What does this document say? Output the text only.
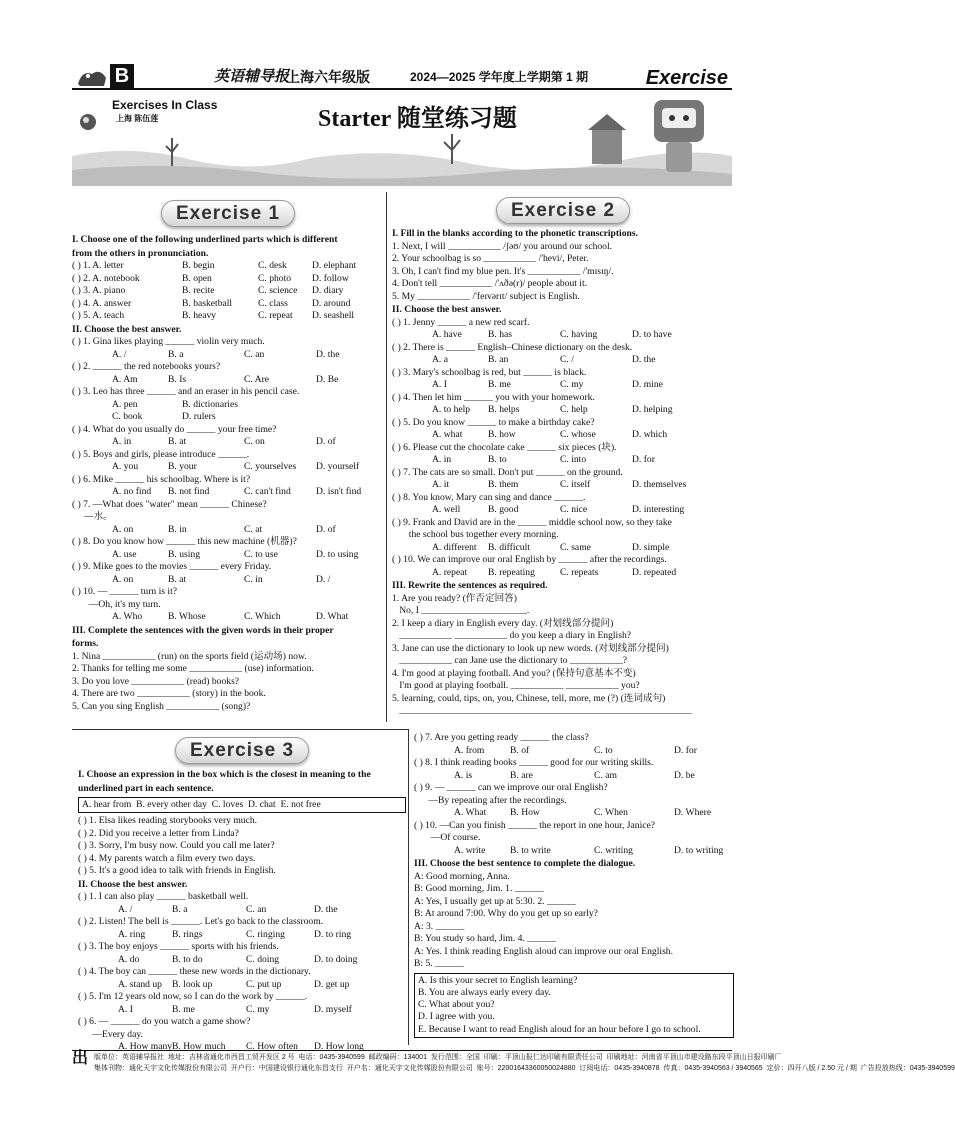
B	英语辅导报
上海六年级版	2024—2025 学年度上学期第 1 期	Exercise
Exercises In Class
上海 陈伍莲	Starter 随堂练习题
Exercise 1
I. Choose one of the following underlined parts which is different
from the others in pronunciation.
( ) 1. A. letter	B. begin	C. desk	D. elephant
( ) 2. A. notebook	B. open	C. photo D. follow
( ) 3. A. piano	B. recite	C. science D. diary
( ) 4. A. answer	B. basketball	C. class	D. around
( ) 5. A. teach	B. heavy	C. repeat D. seashell
II. Choose the best answer.
( ) 1. Gina likes playing ______ violin very much.
A. /	B. a	C. an	D. the
( ) 2. ______ the red notebooks yours?
A. Am	B. Is	C. Are	D. Be
( ) 3. Leo has three ______ and an eraser in his pencil case.
A. pen	B. dictionaries
C. book	D. rulers
( ) 4. What do you usually do ______ your free time?
A. in	B. at	C. on	D. of
( ) 5. Boys and girls, please introduce ______.
A. you	B. your	C. yourselves D. yourself
( ) 6. Mike ______ his schoolbag. Where is it?
A. no find B. not find	C. can't find	D. isn't find
( ) 7. —What does "water" mean ______ Chinese?
—水。
A. on	B. in	C. at	D. of
( ) 8. Do you know how ______ this new machine (机器)?
A. use	B. using	C. to use	D. to using
( ) 9. Mike goes to the movies ______ every Friday.
A. on	B. at	C. in	D. /
( ) 10. — ______ turn is it?
—Oh, it's my turn.
A. Who	B. Whose	C. Which	D. What
III. Complete the sentences with the given words in their proper
forms.
1. Nina ___________ (run) on the sports field (运动场) now.
2. Thanks for telling me some ___________ (use) information.
3. Do you love ___________ (read) books?
4. There are two ___________ (story) in the book.
5. Can you sing English ___________ (song)?
Exercise 2
I. Fill in the blanks according to the phonetic transcriptions.
1. Next, I will ___________ /ʃəʊ/ you around our school.
2. Your schoolbag is so ___________ /'hevi/, Peter.
3. Oh, I can't find my blue pen. It's ___________ /'mɪsɪŋ/.
4. Don't tell ___________ /'ʌðə(r)/ people about it.
5. My ___________ /'feɪvərɪt/ subject is English.
II. Choose the best answer.
( ) 1. Jenny ______ a new red scarf.
A. have	B. has	C. having	D. to have
( ) 2. There is ______ English–Chinese dictionary on the desk.
A. a	B. an	C. /	D. the
( ) 3. Mary's schoolbag is red, but ______ is black.
A. I	B. me	C. my	D. mine
( ) 4. Then let him ______ you with your homework.
A. to help B. helps	C. help	D. helping
( ) 5. Do you know ______ to make a birthday cake?
A. what	B. how	C. whose	D. which
( ) 6. Please cut the chocolate cake ______ six pieces (块).
A. in	B. to	C. into	D. for
( ) 7. The cats are so small. Don't put ______ on the ground.
A. it	B. them	C. itself	D. themselves
( ) 8. You know, Mary can sing and dance ______.
A. well	B. good	C. nice	D. interesting
( ) 9. Frank and David are in the ______ middle school now, so they take
the school bus together every morning.
A. different B. difficult	C. same	D. simple
( ) 10. We can improve our oral English by ______ after the recordings.
A. repeat B. repeating	C. repeats	D. repeated
III. Rewrite the sentences as required.
1. Are you ready? (作否定回答)
No, I ______________________.
2. I keep a diary in English every day. (对划线部分提问)
___________ ___________ do you keep a diary in English?
3. Jane can use the dictionary to look up new words. (对划线部分提问)
___________ can Jane use the dictionary to ___________?
4. I'm good at playing football. And you? (保持句意基本不变)
I'm good at playing football. ___________ ___________ you?
5. learning, could, tips, on, you, Chinese, tell, more, me (?) (连词成句)
_____________________________________________________________
Exercise 3
I. Choose an expression in the box which is the closest in meaning to the
underlined part in each sentence.
A. hear from  B. every other day  C. loves  D. chat  E. not free
( ) 1. Elsa likes reading storybooks very much.
( ) 2. Did you receive a letter from Linda?
( ) 3. Sorry, I'm busy now. Could you call me later?
( ) 4. My parents watch a film every two days.
( ) 5. It's a good idea to talk with friends in English.
II. Choose the best answer.
( ) 1. I can also play ______ basketball well.
A. /	B. a	C. an	D. the
( ) 2. Listen! The bell is ______. Let's go back to the classroom.
A. ring	B. rings	C. ringing	D. to ring
( ) 3. The boy enjoys ______ sports with his friends.
A. do	B. to do	C. doing	D. to doing
( ) 4. The boy can ______ these new words in the dictionary.
A. stand up B. look up	C. put up	D. get up
( ) 5. I'm 12 years old now, so I can do the work by ______.
A. I	B. me	C. my	D. myself
( ) 6. — ______ do you watch a game show?
—Every day.
A. How many B. How much C. How often D. How long
( ) 7. Are you getting ready ______ the class?
A. from	B. of	C. to	D. for
( ) 8. I think reading books ______ good for our writing skills.
A. is	B. are	C. am	D. be
( ) 9. — ______ can we improve our oral English?
—By repeating after the recordings.
A. What B. How	C. When	D. Where
( ) 10. —Can you finish ______ the report in one hour, Janice?
—Of course.
A. write	B. to write	C. writing	D. to writing
III. Choose the best sentence to complete the dialogue.
A: Good morning, Anna.
B: Good morning, Jim. 1. ______
A: Yes, I usually get up at 5:30. 2. ______
B: At around 7:00. Why do you get up so early?
A: 3. ______
B: You study so hard, Jim. 4. ______
A: Yes. I think reading English aloud can improve our oral English.
B: 5. ______
A. Is this your secret to English learning?
B. You are always early every day.
C. What about you?
D. I agree with you.
E. Because I want to read English aloud for an hour before I go to school.
出 版单位：英语辅导报社  地址：吉林省通化市西昌工贸开发区 2 号  电话：0435-3940599  邮政编码：134001  发行范围：全国  印刷：平顶山报仁达印刷有限责任公司  印刷地址：河南省平顶山市建设路东段平顶山日报印刷厂
集体刊物：通化天宇文化传媒股份有限公司  开户行：中国建设银行通化东昌支行  开户名：通化天宇文化传媒股份有限公司  账号：22001643360050024880  订阅电话：0435-3940878  传真：0435-3940563 / 3940565  定价：四开八版 / 2.50 元 / 期  广告投放热线：0435-3940599
